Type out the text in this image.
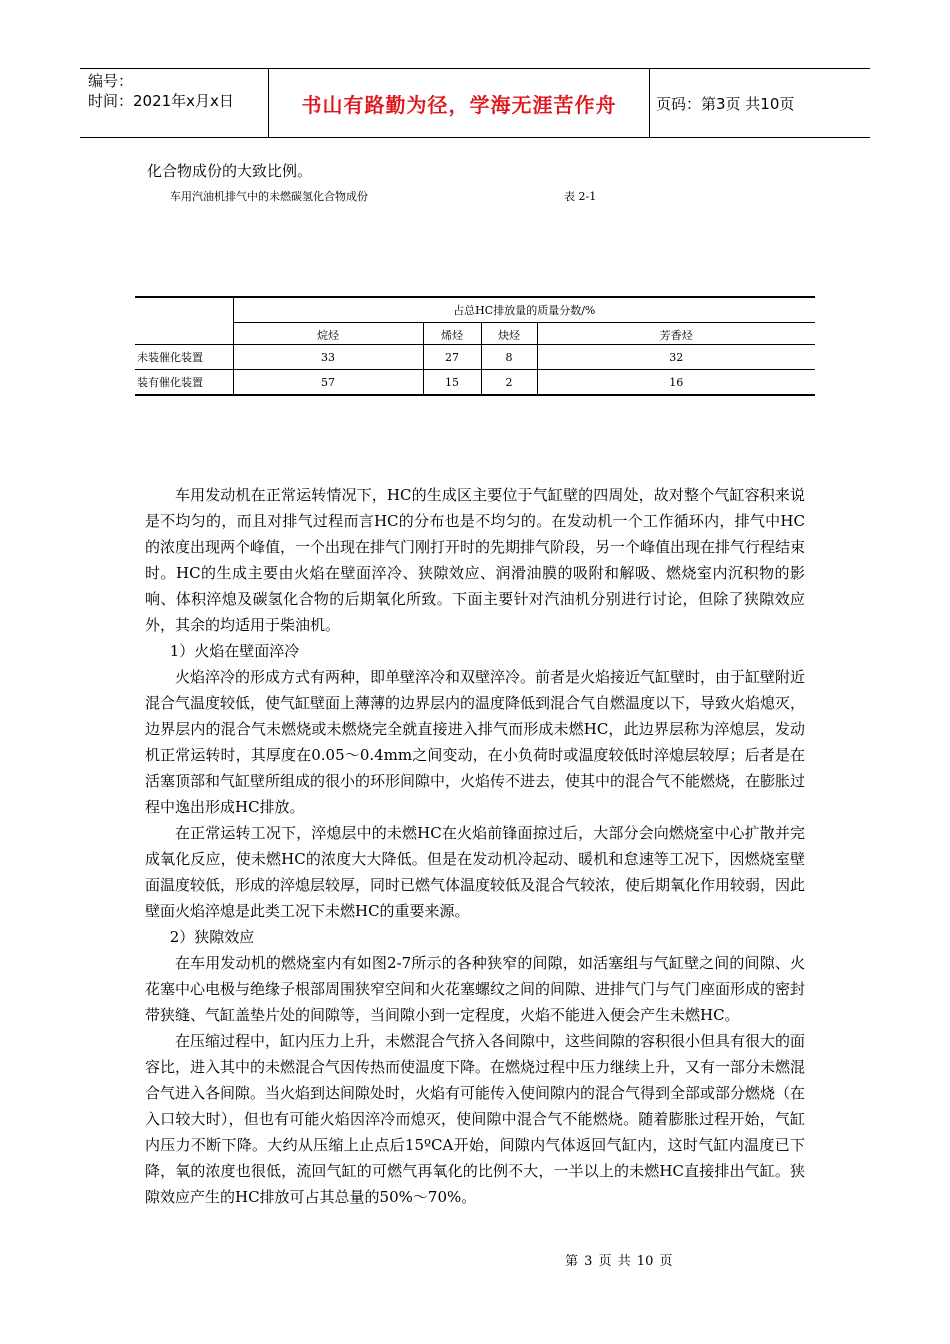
编号：
时间：2021年x月x日	书山有路勤为径，学海无涯苦作舟	页码：第3页 共10页
化合物成份的大致比例。
车用汽油机排气中的未燃碳氢化合物成份	表 2-1
	占总HC排放量的质量分数/%			
	烷烃	烯烃	炔烃	芳香烃
未装催化装置	33	27	8	32
装有催化装置	57	15	2	16

车用发动机在正常运转情况下，HC的生成区主要位于气缸壁的四周处，故对整个气缸容积来说是不均匀的，而且对排气过程而言HC的分布也是不均匀的。在发动机一个工作循环内，排气中HC的浓度出现两个峰值，一个出现在排气门刚打开时的先期排气阶段，另一个峰值出现在排气行程结束时。HC的生成主要由火焰在壁面淬冷、狭隙效应、润滑油膜的吸附和解吸、燃烧室内沉积物的影响、体积淬熄及碳氢化合物的后期氧化所致。下面主要针对汽油机分别进行讨论，但除了狭隙效应外，其余的均适用于柴油机。

1）火焰在壁面淬冷

火焰淬冷的形成方式有两种，即单壁淬冷和双壁淬冷。前者是火焰接近气缸壁时，由于缸壁附近混合气温度较低，使气缸壁面上薄薄的边界层内的温度降低到混合气自燃温度以下，导致火焰熄灭，边界层内的混合气未燃烧或未燃烧完全就直接进入排气而形成未燃HC，此边界层称为淬熄层，发动机正常运转时，其厚度在0.05～0.4mm之间变动，在小负荷时或温度较低时淬熄层较厚；后者是在活塞顶部和气缸壁所组成的很小的环形间隙中，火焰传不进去，使其中的混合气不能燃烧，在膨胀过程中逸出形成HC排放。

在正常运转工况下，淬熄层中的未燃HC在火焰前锋面掠过后，大部分会向燃烧室中心扩散并完成氧化反应，使未燃HC的浓度大大降低。但是在发动机冷起动、暖机和怠速等工况下，因燃烧室壁面温度较低，形成的淬熄层较厚，同时已燃气体温度较低及混合气较浓，使后期氧化作用较弱，因此壁面火焰淬熄是此类工况下未燃HC的重要来源。

2）狭隙效应

在车用发动机的燃烧室内有如图2-7所示的各种狭窄的间隙，如活塞组与气缸壁之间的间隙、火花塞中心电极与绝缘子根部周围狭窄空间和火花塞螺纹之间的间隙、进排气门与气门座面形成的密封带狭缝、气缸盖垫片处的间隙等，当间隙小到一定程度，火焰不能进入便会产生未燃HC。

在压缩过程中，缸内压力上升，未燃混合气挤入各间隙中，这些间隙的容积很小但具有很大的面容比，进入其中的未燃混合气因传热而使温度下降。在燃烧过程中压力继续上升，又有一部分未燃混合气进入各间隙。当火焰到达间隙处时，火焰有可能传入使间隙内的混合气得到全部或部分燃烧（在入口较大时），但也有可能火焰因淬冷而熄灭，使间隙中混合气不能燃烧。随着膨胀过程开始，气缸内压力不断下降。大约从压缩上止点后15ºCA开始，间隙内气体返回气缸内，这时气缸内温度已下降，氧的浓度也很低，流回气缸的可燃气再氧化的比例不大，一半以上的未燃HC直接排出气缸。狭隙效应产生的HC排放可占其总量的50%～70%。

第 3 页 共 10 页
